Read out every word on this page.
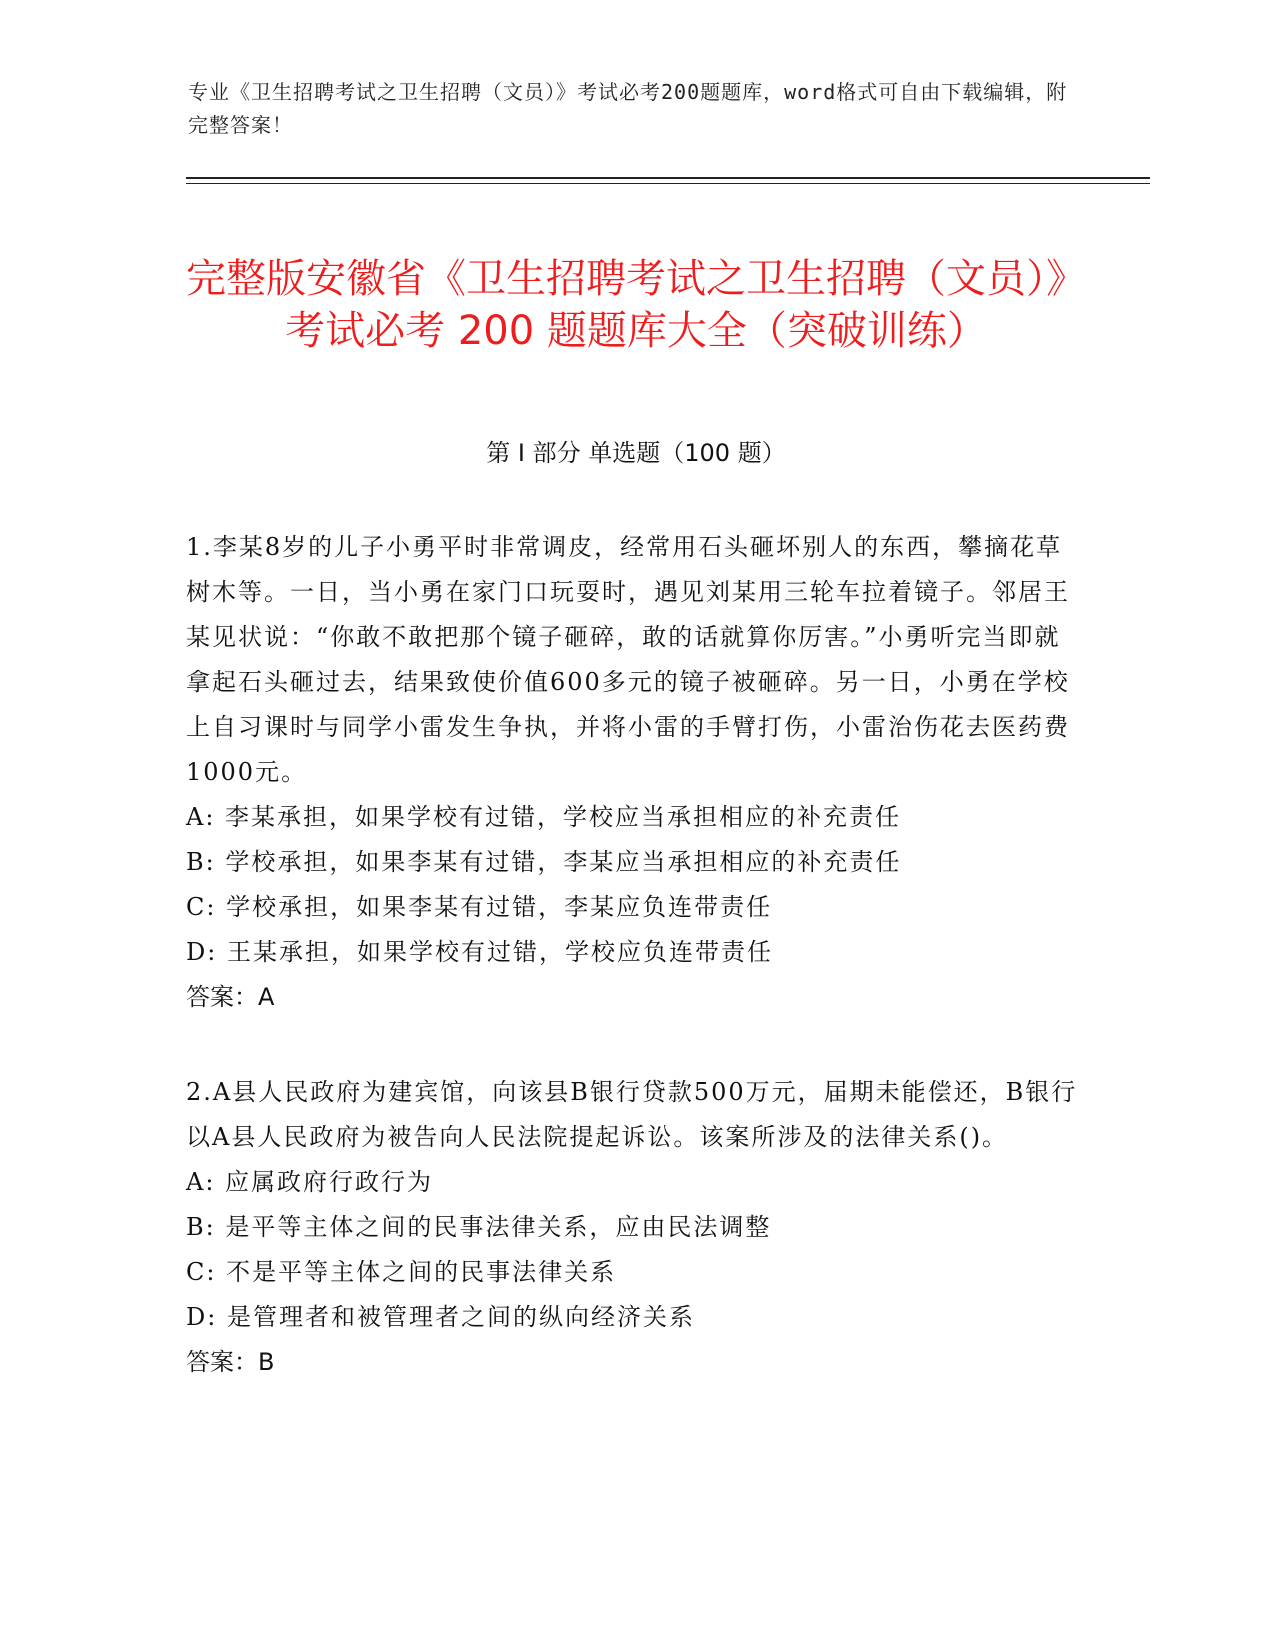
专业《卫生招聘考试之卫生招聘（文员）》考试必考200题题库，word格式可自由下载编辑，附完整答案！
完整版安徽省《卫生招聘考试之卫生招聘（文员）》考试必考 200 题题库大全（突破训练）
第 I 部分 单选题（100 题）

1.李某8岁的儿子小勇平时非常调皮，经常用石头砸坏别人的东西，攀摘花草树木等。一日，当小勇在家门口玩耍时，遇见刘某用三轮车拉着镜子。邻居王某见状说：“你敢不敢把那个镜子砸碎，敢的话就算你厉害。”小勇听完当即就拿起石头砸过去，结果致使价值600多元的镜子被砸碎。另一日，小勇在学校上自习课时与同学小雷发生争执，并将小雷的手臂打伤，小雷治伤花去医药费1000元。

A: 李某承担，如果学校有过错，学校应当承担相应的补充责任

B: 学校承担，如果李某有过错，李某应当承担相应的补充责任

C: 学校承担，如果李某有过错，李某应负连带责任

D: 王某承担，如果学校有过错，学校应负连带责任

答案：A

2.A县人民政府为建宾馆，向该县B银行贷款500万元，届期未能偿还，B银行以A县人民政府为被告向人民法院提起诉讼。该案所涉及的法律关系()。

A: 应属政府行政行为

B: 是平等主体之间的民事法律关系，应由民法调整

C: 不是平等主体之间的民事法律关系

D: 是管理者和被管理者之间的纵向经济关系

答案：B
